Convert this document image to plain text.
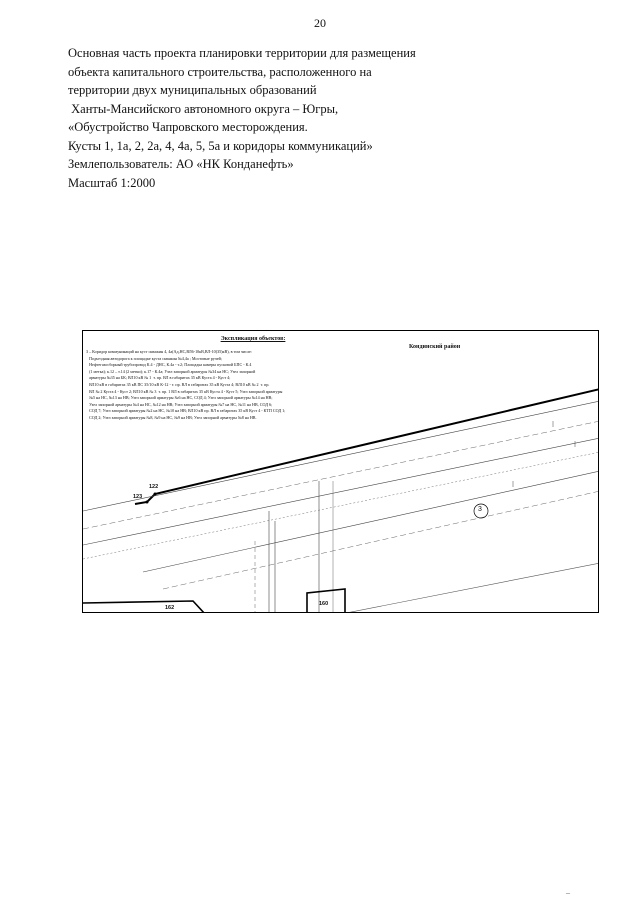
20
Основная часть проекта планировки территории для размещения
объекта капитального строительства, расположенного на
территории двух муниципальных образований
Ханты-Мансийского автономного округа – Югры,
«Обустройство Чапровского месторождения.
Кусты 1, 1а, 2, 2а, 4, 4а, 5, 5а и коридоры коммуникаций»
Землепользователь: АО «НК Конданефть»
Масштаб 1:2000
Экспликация объектов:
3 – Коридор коммуникаций на куст скважин 4, 4а(Ад,НС,ВЛ6-10кВ,ВЛ-10(35)кВ), в том числе:
Подъездная автодорога к площадке куста скважин №4,4а ; Мостовые ручей;
Нефтегазосборный трубопровод К.4 - ДНС, К.4а - т.2; Площадка камеры пусковой БПС - К.4
(1 метка); к.12 – т.14 (2 метки); к.17 - К.4а; Узел запорной арматуры №34 на НС; Узел запорной
арматуры №35 на БК; ВЛ10 кВ № 1  т. пр. ВЛ в габаритах 35 кВ Куста 4 - Куст 4;
ВЛ10 кВ в габаритах 35 кВ ПС 35/10 кВ К-12 - т. пр. ВЛ в габаритах 35 кВ Куста 4; ВЛ10 кВ № 2  т. пр.
ВЛ № 2 Куста 4 - Куст 2; ВЛ10 кВ № 3  т. пр. 1 ВЛ в габаритах 35 кВ Куста 4 - Куст 5; Узел запорной арматуры
№5 на НС, №13 на НВ; Узел запорной арматуры №6 на НС, СОД 4; Узел запорной арматуры №14 на НВ;
Узел запорной арматуры №4 на НС, №12 на НВ; Узел запорной арматуры №7 на НС, №11 на НВ, СОД 6;
СОД 7; Узел запорной арматуры №2 на НС, №10 на НВ; ВЛ10 кВ пр. ВЛ в габаритах 35 кВ Куст 4 - КТП СОД 1;
СОД 2; Узел запорной арматуры №8, №9 на НС, №9 на НВ; Узел запорной арматуры №8 на НВ.
Кондинский район
122
123
162
160
3
–
